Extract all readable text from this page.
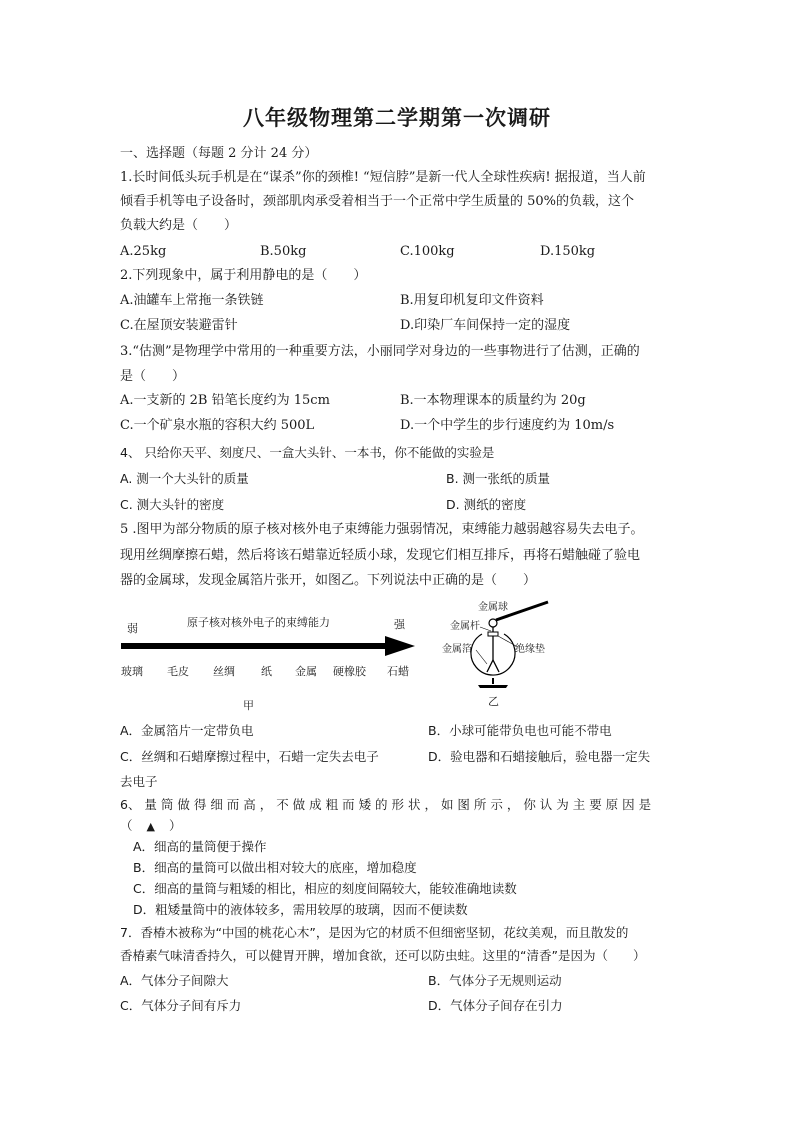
八年级物理第二学期第一次调研
一、选择题（每题 2 分计 24 分）
1.长时间低头玩手机是在“谋杀”你的颈椎! “短信脖”是新一代人全球性疾病! 据报道，当人前
倾看手机等电子设备时，颈部肌肉承受着相当于一个正常中学生质量的 50%的负载，这个
负载大约是（　　）
A.25kg	B.50kg	C.100kg	D.150kg
2.下列现象中，属于利用静电的是（　　）
A.油罐车上常拖一条铁链	B.用复印机复印文件资料
C.在屋顶安装避雷针	D.印染厂车间保持一定的湿度
3.“估测”是物理学中常用的一种重要方法，小丽同学对身边的一些事物进行了估测，正确的
是（　　）
A.一支新的 2B 铅笔长度约为 15cm	B.一本物理课本的质量约为 20g
C.一个矿泉水瓶的容积大约 500L	D.一个中学生的步行速度约为 10m/s
4、 只给你天平、刻度尺、一盒大头针、一本书，你不能做的实验是
A. 测一个大头针的质量	B. 测一张纸的质量
C. 测大头针的密度	D. 测纸的密度
5 .图甲为部分物质的原子核对核外电子束缚能力强弱情况，束缚能力越弱越容易失去电子。
现用丝绸摩擦石蜡，然后将该石蜡靠近轻质小球，发现它们相互排斥，再将石蜡触碰了验电
器的金属球，发现金属箔片张开，如图乙。下列说法中正确的是（　　）
弱	强
原子核对核外电子的束缚能力
玻璃 毛皮 丝绸 纸 金属 硬橡胶 石蜡
甲
金属球
金属杆
金属箔	绝缘垫
乙
A．金属箔片一定带负电	B．小球可能带负电也可能不带电
C．丝绸和石蜡摩擦过程中，石蜡一定失去电子	D．验电器和石蜡接触后，验电器一定失
去电子
6、 量 筒 做 得 细 而 高 ， 不 做 成 粗 而 矮 的 形 状 ， 如 图 所 示 ， 你 认 为 主 要 原 因 是
（ ▲ ）
A．细高的量筒便于操作
B．细高的量筒可以做出相对较大的底座，增加稳度
C．细高的量筒与粗矮的相比，相应的刻度间隔较大，能较准确地读数
D．粗矮量筒中的液体较多，需用较厚的玻璃，因而不便读数
7．香椿木被称为“中国的桃花心木”，是因为它的材质不但细密坚韧，花纹美观，而且散发的
香椿素气味清香持久，可以健胃开脾，增加食欲，还可以防虫蛀。这里的“清香”是因为（　　）
A．气体分子间隙大	B．气体分子无规则运动
C．气体分子间有斥力	D．气体分子间存在引力
